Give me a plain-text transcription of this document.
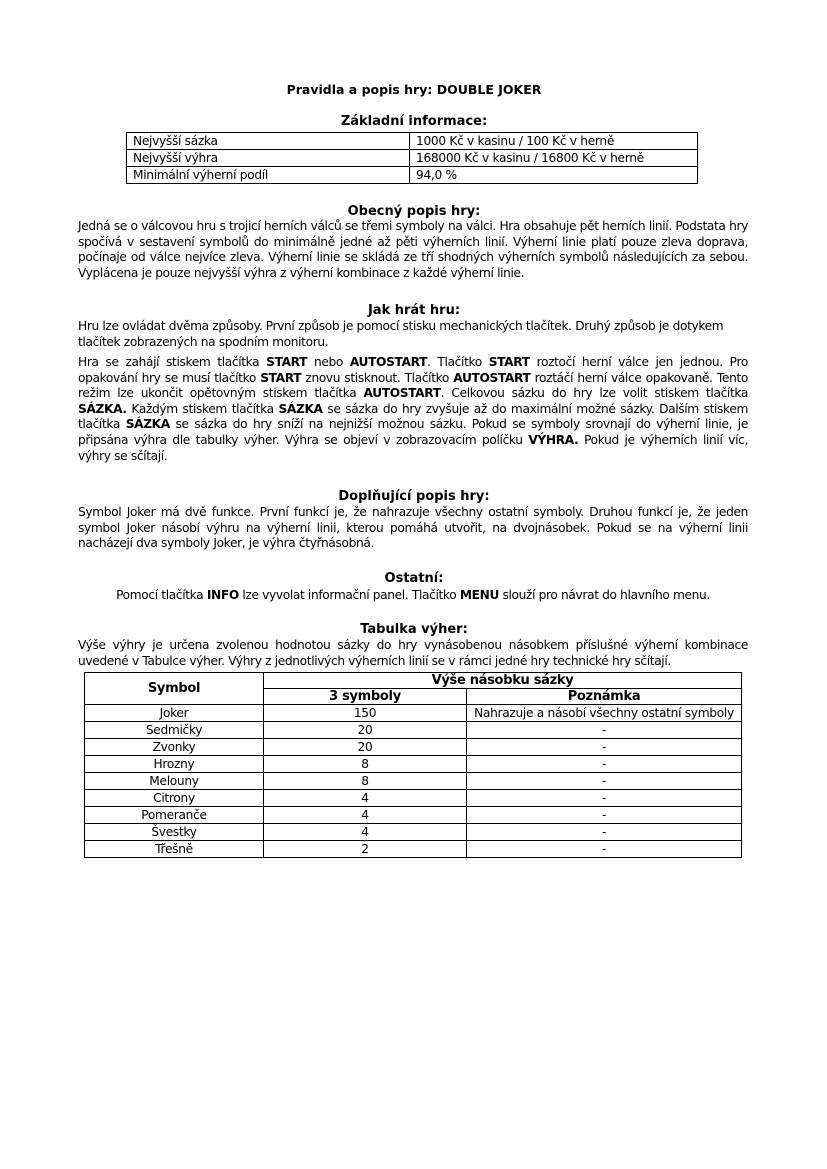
Pravidla a popis hry: DOUBLE JOKER
Základní informace:
Nejvyšší sázka	1000 Kč v kasinu / 100 Kč v herně
Nejvyšší výhra	168000 Kč v kasinu / 16800 Kč v herně
Minimální výherní podíl	94,0 %
Obecný popis hry:
Jedná se o válcovou hru s trojicí herních válců se třemi symboly na válci. Hra obsahuje pět herních linií. Podstata hry spočívá v sestavení symbolů do minimálně jedné až pěti výherních linií. Výherní linie platí pouze zleva doprava, počínaje od válce nejvíce zleva. Výherní linie se skládá ze tří shodných výherních symbolů následujících za sebou. Vyplácena je pouze nejvyšší výhra z výherní kombinace z každé výherní linie.
Jak hrát hru:
Hru lze ovládat dvěma způsoby. První způsob je pomocí stisku mechanických tlačítek. Druhý způsob je dotykem tlačítek zobrazených na spodním monitoru.
Hra se zahájí stiskem tlačítka START nebo AUTOSTART. Tlačítko START roztočí herní válce jen jednou. Pro opakování hry se musí tlačítko START znovu stisknout. Tlačítko AUTOSTART roztáčí herní válce opakovaně. Tento režim lze ukončit opětovným stiskem tlačítka AUTOSTART. Celkovou sázku do hry lze volit stiskem tlačítka SÁZKA. Každým stiskem tlačítka SÁZKA se sázka do hry zvyšuje až do maximální možné sázky. Dalším stiskem tlačítka SÁZKA se sázka do hry sníží na nejnižší možnou sázku. Pokud se symboly srovnají do výherní linie, je připsána výhra dle tabulky výher. Výhra se objeví v zobrazovacím políčku VÝHRA. Pokud je výherních linií víc, výhry se sčítají.
Doplňující popis hry:
Symbol Joker má dvě funkce. První funkcí je, že nahrazuje všechny ostatní symboly. Druhou funkcí je, že jeden symbol Joker násobí výhru na výherní linii, kterou pomáhá utvořit, na dvojnásobek. Pokud se na výherní linii nacházejí dva symboly Joker, je výhra čtyřnásobná.
Ostatní:
Pomocí tlačítka INFO lze vyvolat informační panel. Tlačítko MENU slouží pro návrat do hlavního menu.
Tabulka výher:
Výše výhry je určena zvolenou hodnotou sázky do hry vynásobenou násobkem příslušné výherní kombinace uvedené v Tabulce výher. Výhry z jednotlivých výherních linií se v rámci jedné hry technické hry sčítají.
Symbol	Výše násobku sázky	
	3 symboly	Poznámka
Joker	150	Nahrazuje a násobí všechny ostatní symboly
Sedmičky	20	-
Zvonky	20	-
Hrozny	8	-
Melouny	8	-
Citrony	4	-
Pomeranče	4	-
Švestky	4	-
Třešně	2	-
